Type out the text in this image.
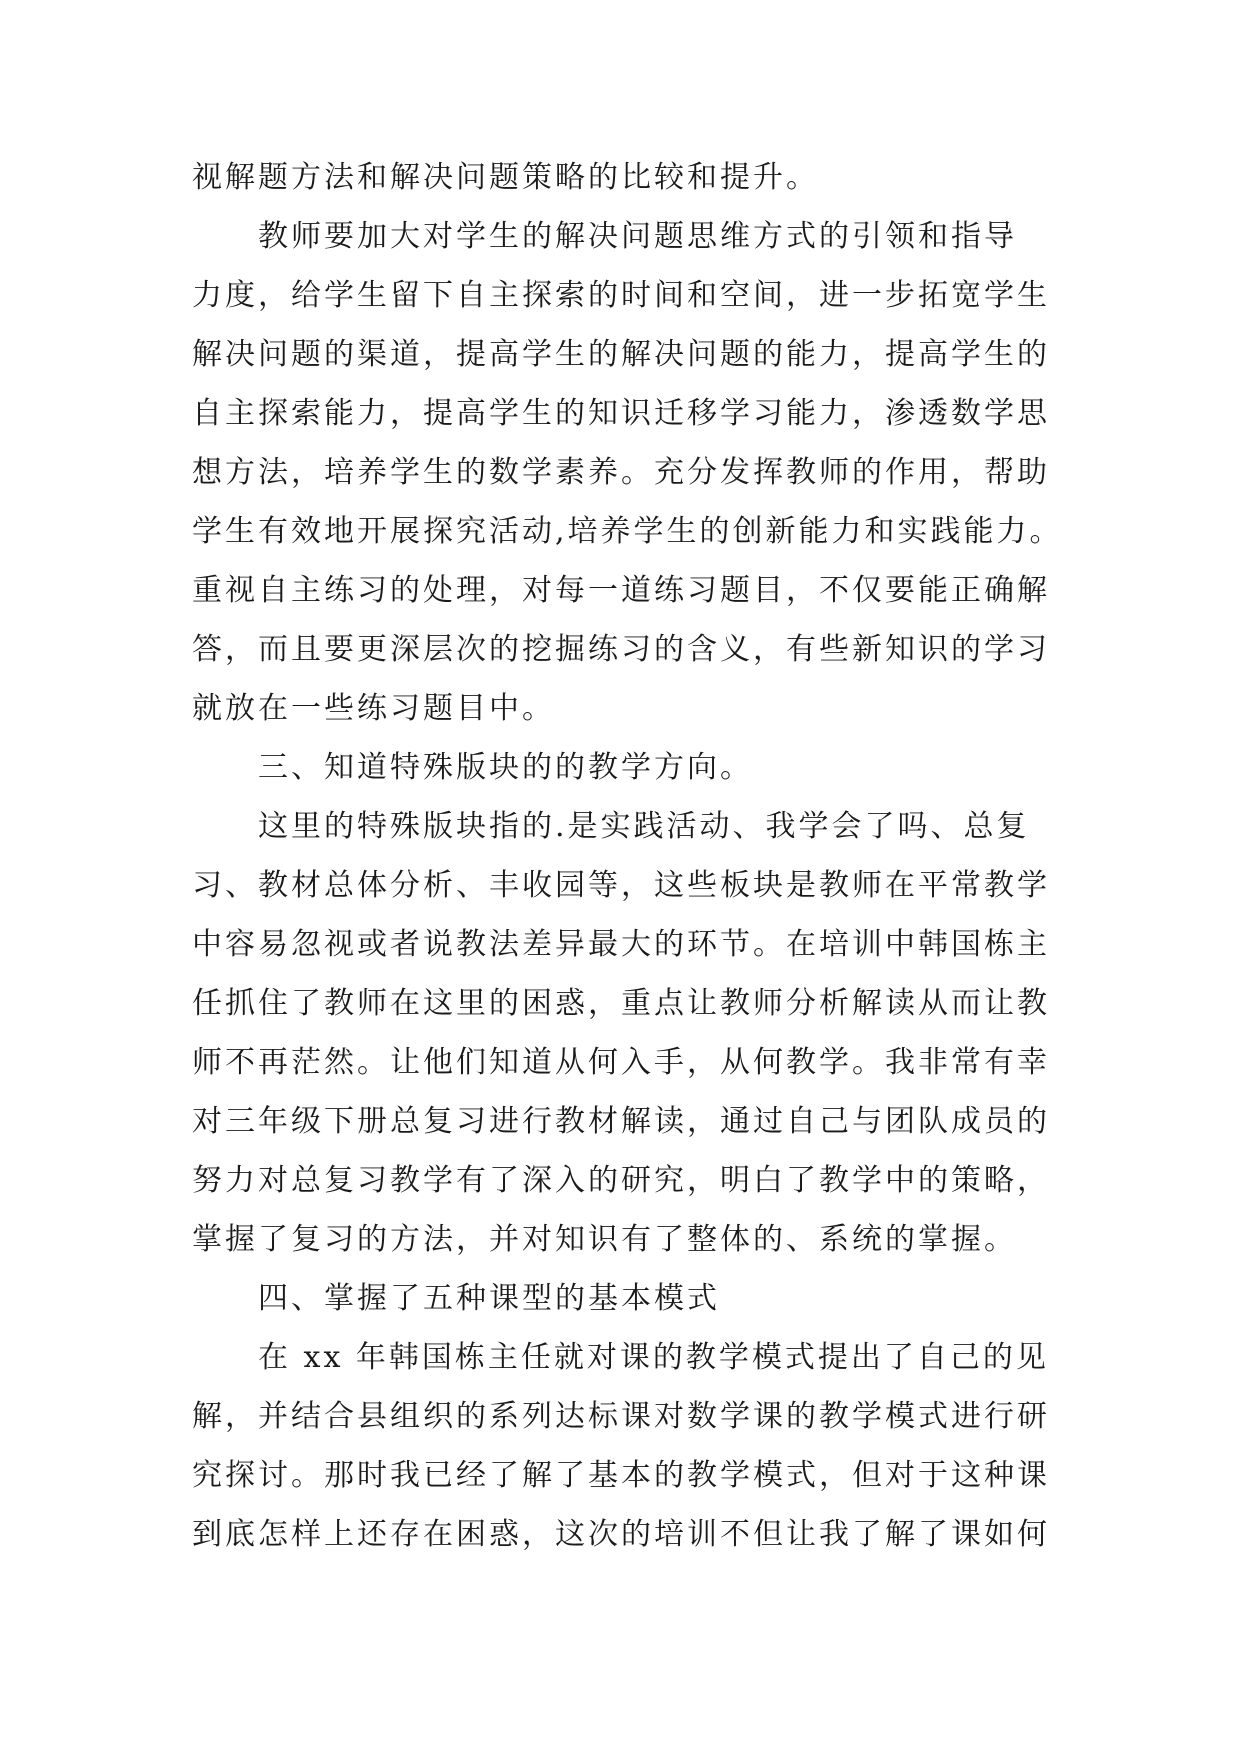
视解题方法和解决问题策略的比较和提升。
教师要加大对学生的解决问题思维方式的引领和指导
力度，给学生留下自主探索的时间和空间，进一步拓宽学生
解决问题的渠道，提高学生的解决问题的能力，提高学生的
自主探索能力，提高学生的知识迁移学习能力，渗透数学思
想方法，培养学生的数学素养。充分发挥教师的作用，帮助
学生有效地开展探究活动,培养学生的创新能力和实践能力。
重视自主练习的处理，对每一道练习题目，不仅要能正确解
答，而且要更深层次的挖掘练习的含义，有些新知识的学习
就放在一些练习题目中。
三、知道特殊版块的的教学方向。
这里的特殊版块指的.是实践活动、我学会了吗、总复
习、教材总体分析、丰收园等，这些板块是教师在平常教学
中容易忽视或者说教法差异最大的环节。在培训中韩国栋主
任抓住了教师在这里的困惑，重点让教师分析解读从而让教
师不再茫然。让他们知道从何入手，从何教学。我非常有幸
对三年级下册总复习进行教材解读，通过自己与团队成员的
努力对总复习教学有了深入的研究，明白了教学中的策略，
掌握了复习的方法，并对知识有了整体的、系统的掌握。
四、掌握了五种课型的基本模式
在 xx 年韩国栋主任就对课的教学模式提出了自己的见
解，并结合县组织的系列达标课对数学课的教学模式进行研
究探讨。那时我已经了解了基本的教学模式，但对于这种课
到底怎样上还存在困惑，这次的培训不但让我了解了课如何
